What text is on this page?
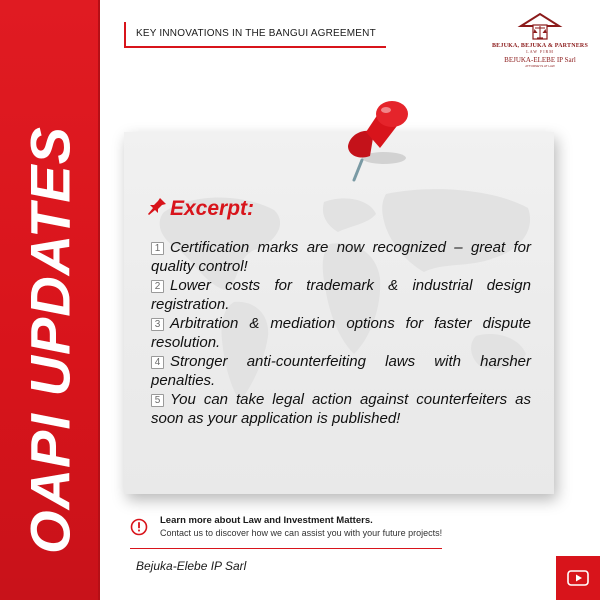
OAPI UPDATES
KEY INNOVATIONS IN THE BANGUI AGREEMENT
BEJUKA, BEJUKA & PARTNERS
LAW FIRM
BEJUKA-ELEBE IP Sarl
ATTORNEYS AT LAW
Excerpt:
1 Certification marks are now recognized – great for quality control!
2 Lower costs for trademark & industrial design registration.
3 Arbitration & mediation options for faster dispute resolution.
4 Stronger anti-counterfeiting laws with harsher penalties.
5 You can take legal action against counterfeiters as soon as your application is published!
Learn more about Law and Investment Matters.
Contact us to discover how we can assist you with your future projects!
Bejuka-Elebe IP Sarl
